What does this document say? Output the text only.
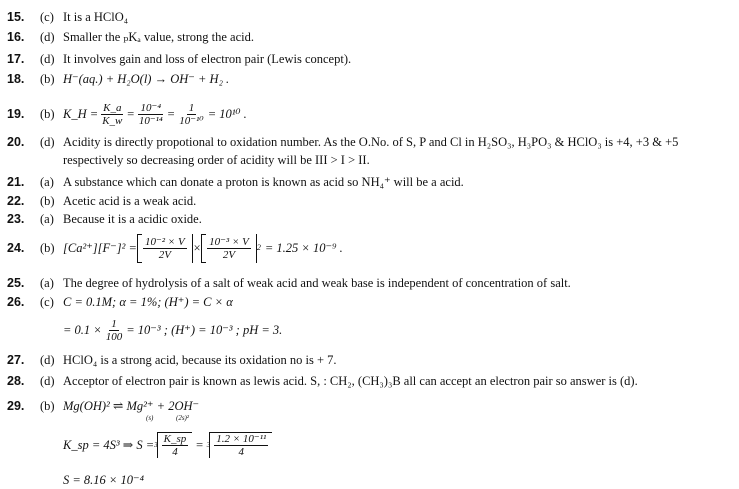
15. (c) It is a HClO₄
16. (d) Smaller the ₚKₐ value, strong the acid.
17. (d) It involves gain and loss of electron pair (Lewis concept).
18. (b) H⁻(aq.) + H₂O(l) → OH⁻ + H₂ .
19. (b) K_H = $\frac{K\_a}{K\_w} = \frac{\text{10⁻⁴}}{\text{10⁻¹⁴}} = \frac{1}{\text{10⁻¹⁰}} = 10^{10}$ .
20. (d) Acidity is directly propotional to oxidation number. As the O.No. of S, P and Cl in H₂SO₃, H₃PO₃ & HClO₃ is +4, +3 & +5
respectively so decreasing order of acidity will be III > I > II.
21. (a) A substance which can donate a proton is known as acid so NH₄⁺ will be a acid.
22. (b) Acetic acid is a weak acid.
23. (a) Because it is a acidic oxide.
24. (b) $[Ca^{2+}][F^-]^2 = \frac{\text{10⁻² × V}}{2V} \times \frac{\text{10⁻³ × V}}{2V} 2 = 1.25 \times 10^{-9}$ .
25. (a) The degree of hydrolysis of a salt of weak acid and weak base is independent of concentration of salt.
26. (c) C = 0.1M; α = 1%; (H⁺) = C × α
= $0.1 \times \frac{1}{100} = 10^{-3}$ ; (H⁺) = 10⁻³ ; pH = 3.
27. (d) HClO₄ is a strong acid, because its oxidation no is + 7.
28. (d) Acceptor of electron pair is known as lewis acid. S, : CH₂, (CH₃)₃B all can accept an electron pair so answer is (d).
29. (b) Mg(OH)² ⇌ Mg²⁺ + 2OH⁻
(s)	(2s)²
K_sp = 4S³ ⇒ $S = 3 \frac{K\_sp}{4} = 3 \frac{\text{1.2 × 10⁻¹¹}}{4}$
S = 8.16 × 10⁻⁴
